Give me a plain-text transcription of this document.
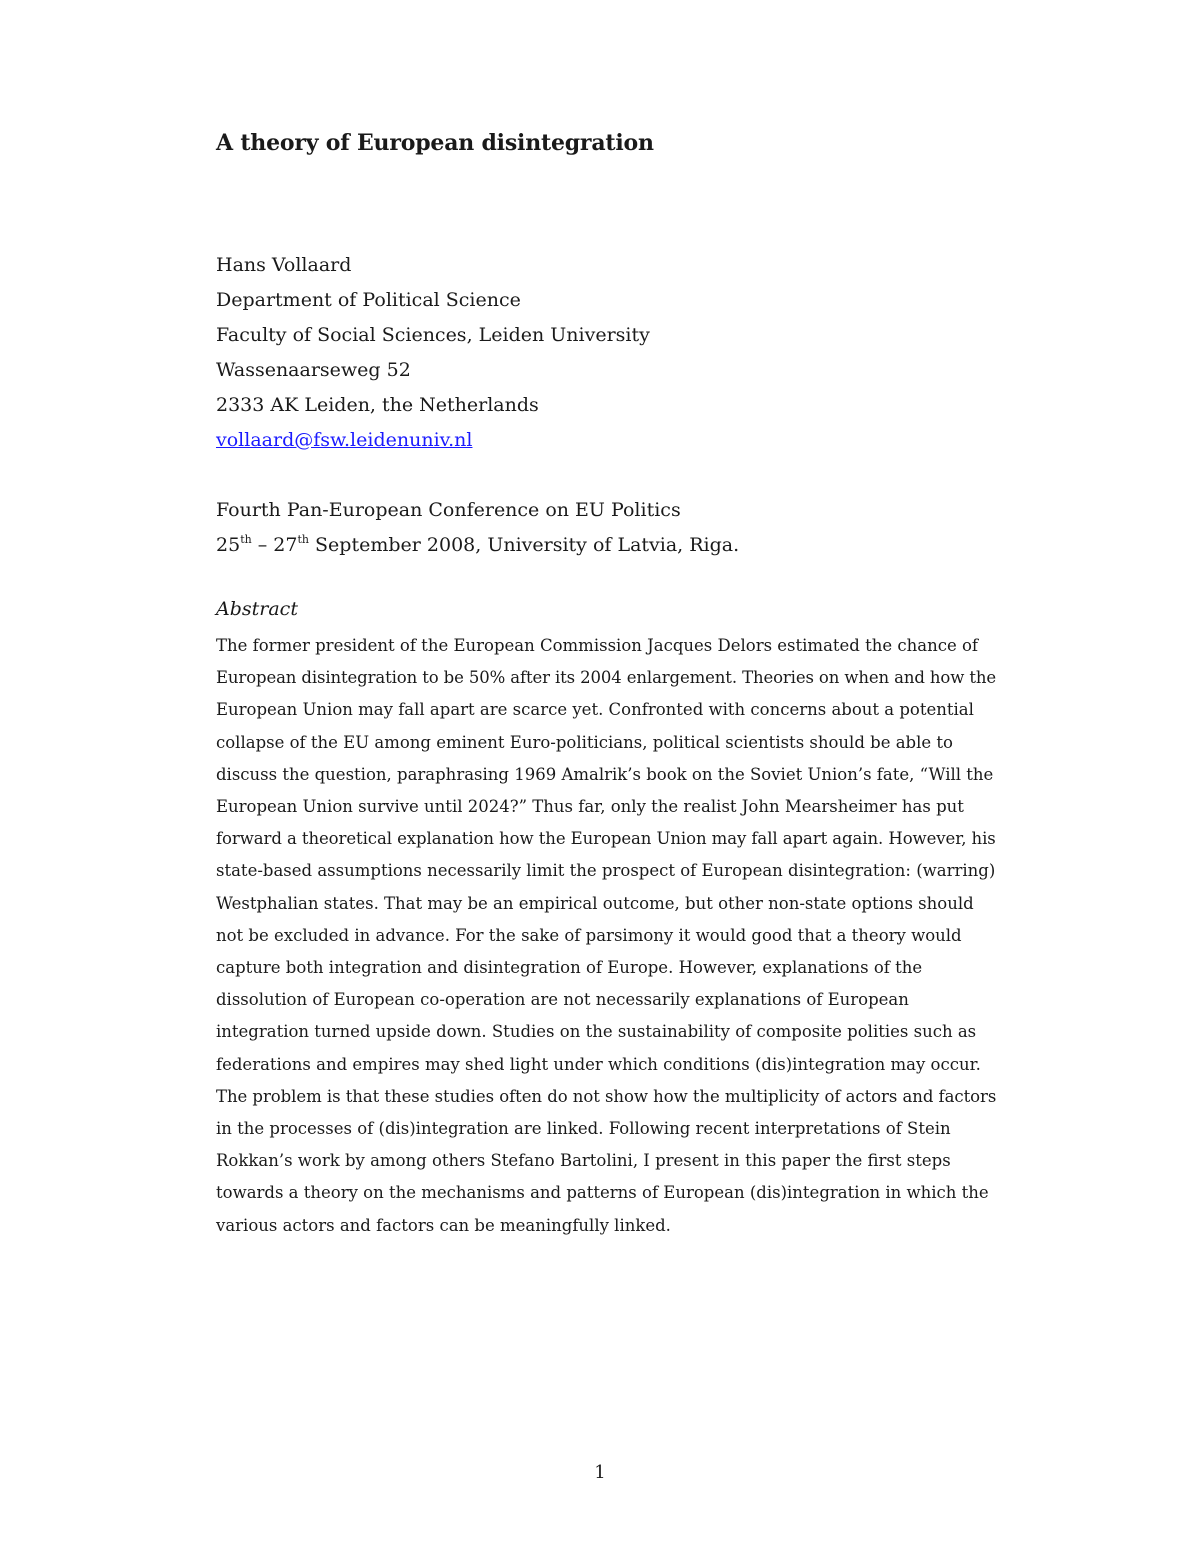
A theory of European disintegration
Hans Vollaard
Department of Political Science
Faculty of Social Sciences, Leiden University
Wassenaarseweg 52
2333 AK Leiden, the Netherlands
vollaard@fsw.leidenuniv.nl
Fourth Pan-European Conference on EU Politics
25th – 27th September 2008, University of Latvia, Riga.
Abstract
The former president of the European Commission Jacques Delors estimated the chance of
European disintegration to be 50% after its 2004 enlargement. Theories on when and how the
European Union may fall apart are scarce yet. Confronted with concerns about a potential
collapse of the EU among eminent Euro-politicians, political scientists should be able to
discuss the question, paraphrasing 1969 Amalrik’s book on the Soviet Union’s fate, “Will the
European Union survive until 2024?” Thus far, only the realist John Mearsheimer has put
forward a theoretical explanation how the European Union may fall apart again. However, his
state-based assumptions necessarily limit the prospect of European disintegration: (warring)
Westphalian states. That may be an empirical outcome, but other non-state options should
not be excluded in advance. For the sake of parsimony it would good that a theory would
capture both integration and disintegration of Europe. However, explanations of the
dissolution of European co-operation are not necessarily explanations of European
integration turned upside down. Studies on the sustainability of composite polities such as
federations and empires may shed light under which conditions (dis)integration may occur.
The problem is that these studies often do not show how the multiplicity of actors and factors
in the processes of (dis)integration are linked. Following recent interpretations of Stein
Rokkan’s work by among others Stefano Bartolini, I present in this paper the first steps
towards a theory on the mechanisms and patterns of European (dis)integration in which the
various actors and factors can be meaningfully linked.
1
